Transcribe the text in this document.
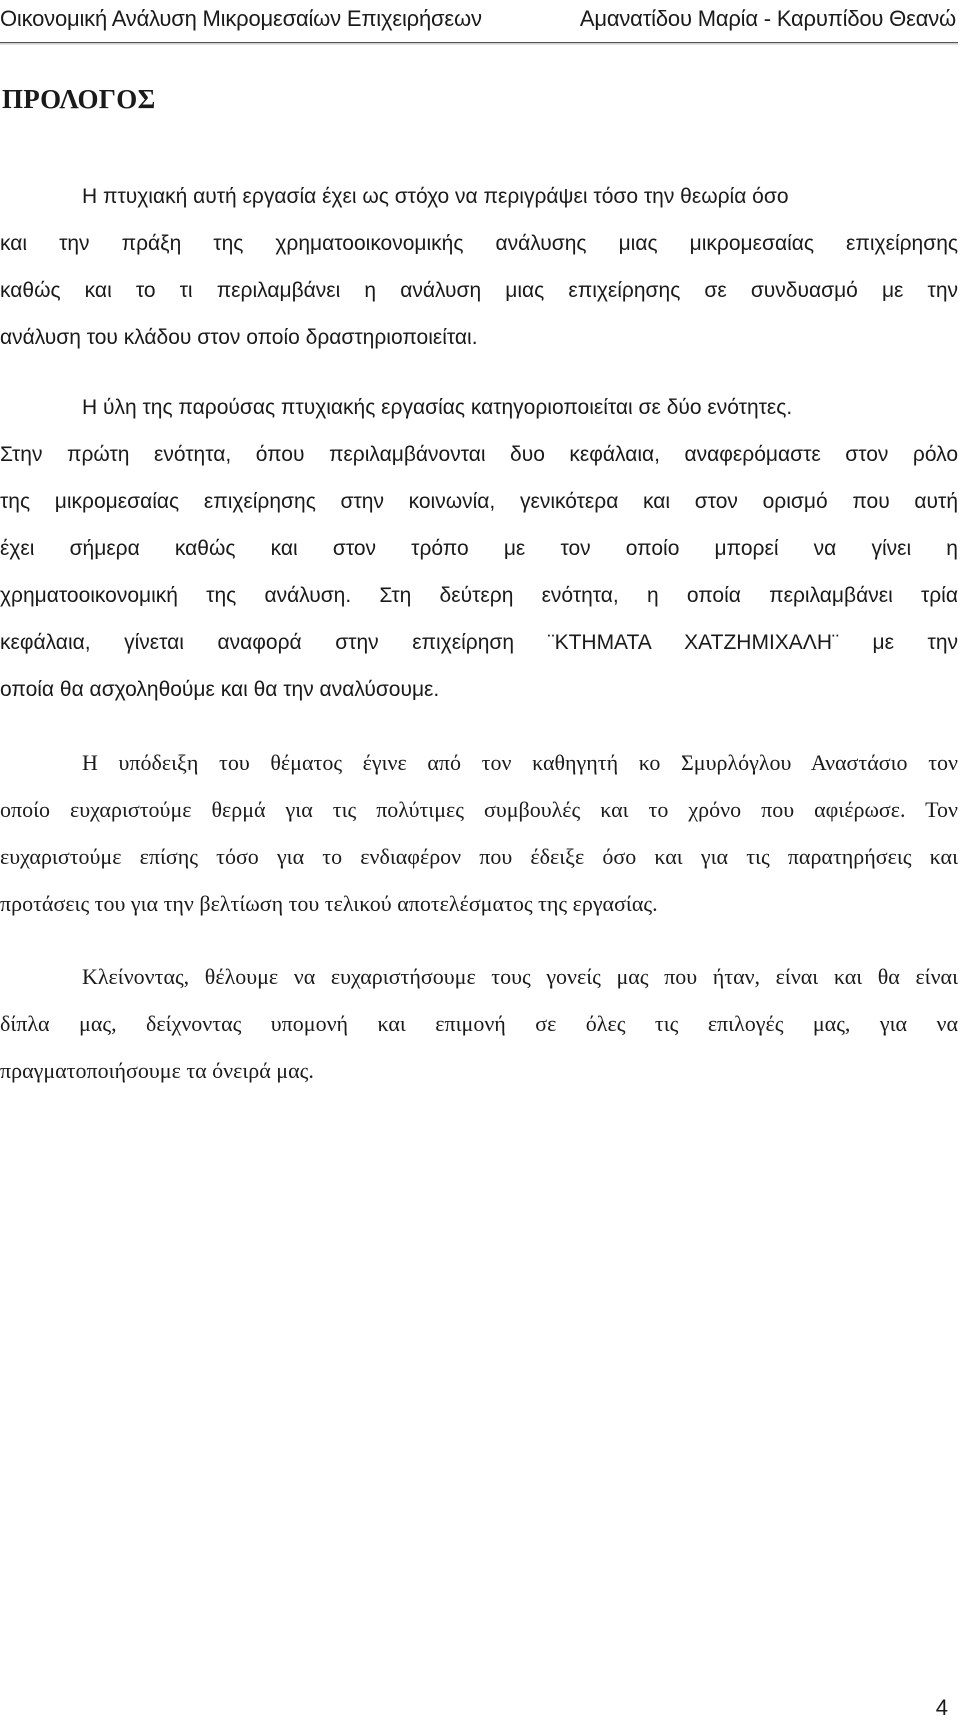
Οικονομική Ανάλυση Μικρομεσαίων Επιχειρήσεων	Αμανατίδου Μαρία - Καρυπίδου Θεανώ
ΠΡΟΛΟΓΟΣ
Η πτυχιακή αυτή εργασία έχει ως στόχο να περιγράψει τόσο την θεωρία όσο
και την πράξη της χρηματοοικονομικής ανάλυσης μιας μικρομεσαίας επιχείρησης
καθώς και το τι περιλαμβάνει η ανάλυση μιας επιχείρησης σε συνδυασμό με την
ανάλυση του κλάδου στον οποίο δραστηριοποιείται.
Η ύλη της παρούσας πτυχιακής εργασίας κατηγοριοποιείται σε δύο ενότητες.
Στην πρώτη ενότητα, όπου περιλαμβάνονται δυο κεφάλαια, αναφερόμαστε στον ρόλο
της μικρομεσαίας επιχείρησης στην κοινωνία, γενικότερα και στον ορισμό που αυτή
έχει σήμερα καθώς και στον τρόπο με τον οποίο μπορεί να γίνει η
χρηματοοικονομική της ανάλυση. Στη δεύτερη ενότητα, η οποία περιλαμβάνει τρία
κεφάλαια, γίνεται αναφορά στην επιχείρηση ¨ΚΤΗΜΑΤΑ ΧΑΤΖΗΜΙΧΑΛΗ¨ με την
οποία θα ασχοληθούμε και θα την αναλύσουμε.
Η υπόδειξη του θέματος έγινε από τον καθηγητή κο Σμυρλόγλου Αναστάσιο τον
οποίο ευχαριστούμε θερμά για τις πολύτιμες συμβουλές και το χρόνο που αφιέρωσε. Τον
ευχαριστούμε επίσης τόσο για το ενδιαφέρον που έδειξε όσο και για τις παρατηρήσεις και
προτάσεις του για την βελτίωση του τελικού αποτελέσματος της εργασίας.
Κλείνοντας, θέλουμε να ευχαριστήσουμε τους γονείς μας που ήταν, είναι και θα είναι
δίπλα μας, δείχνοντας υπομονή και επιμονή σε όλες τις επιλογές μας, για να
πραγματοποιήσουμε τα όνειρά μας.
4
